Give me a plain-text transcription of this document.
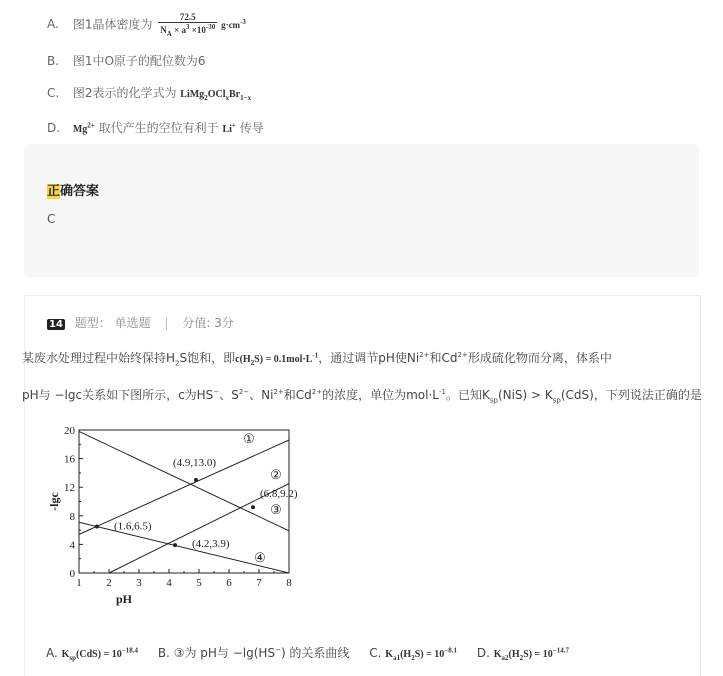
A. 图1晶体密度为 $\frac{72.5}{N_A \times a^3 \times 10^{-30}} g\cdot cm^{-3}$
B. 图1中O原子的配位数为6
C. 图2表示的化学式为 $LiMg_2OCl_xBr_{1-x}$
D. $Mg^{2+}$ 取代产生的空位有利于 Li+ 传导
正确答案
C
14 题型： 单选题 | 分值: 3分
某废水处理过程中始终保持$H_2S$饱和，即$c(H_2S) = 0.1mol\cdot L^{-1}$，通过调节pH使$Ni^{2+}$和$Cd^{2+}$形成硫化物而分离，体系中
pH与 −lgc关系如下图所示，c为HS−、$S^{2-}$、$Ni^{2+}$和$Cd^{2+}$的浓度，单位为$mol\cdot L^{-1}$。已知$K_{sp}(NiS) > K_{sp}(CdS)$，下列说法正确的是
1 2 3 4 5 6 7 8
0
4
8
12
16
20
pH
-lgc
①
②
③
④
(4.9,13.0)
(6.8,9.2)
(1.6,6.5)
(4.2,3.9)
A. $K_{sp}(CdS) = 10^{-18.4}$ B. ③为 pH与 −lg(HS−) 的关系曲线 C. $K_{a1}(H_2S) = 10^{-8.1}$ D. $K_{a2}(H_2S) = 10^{-14.7}$
